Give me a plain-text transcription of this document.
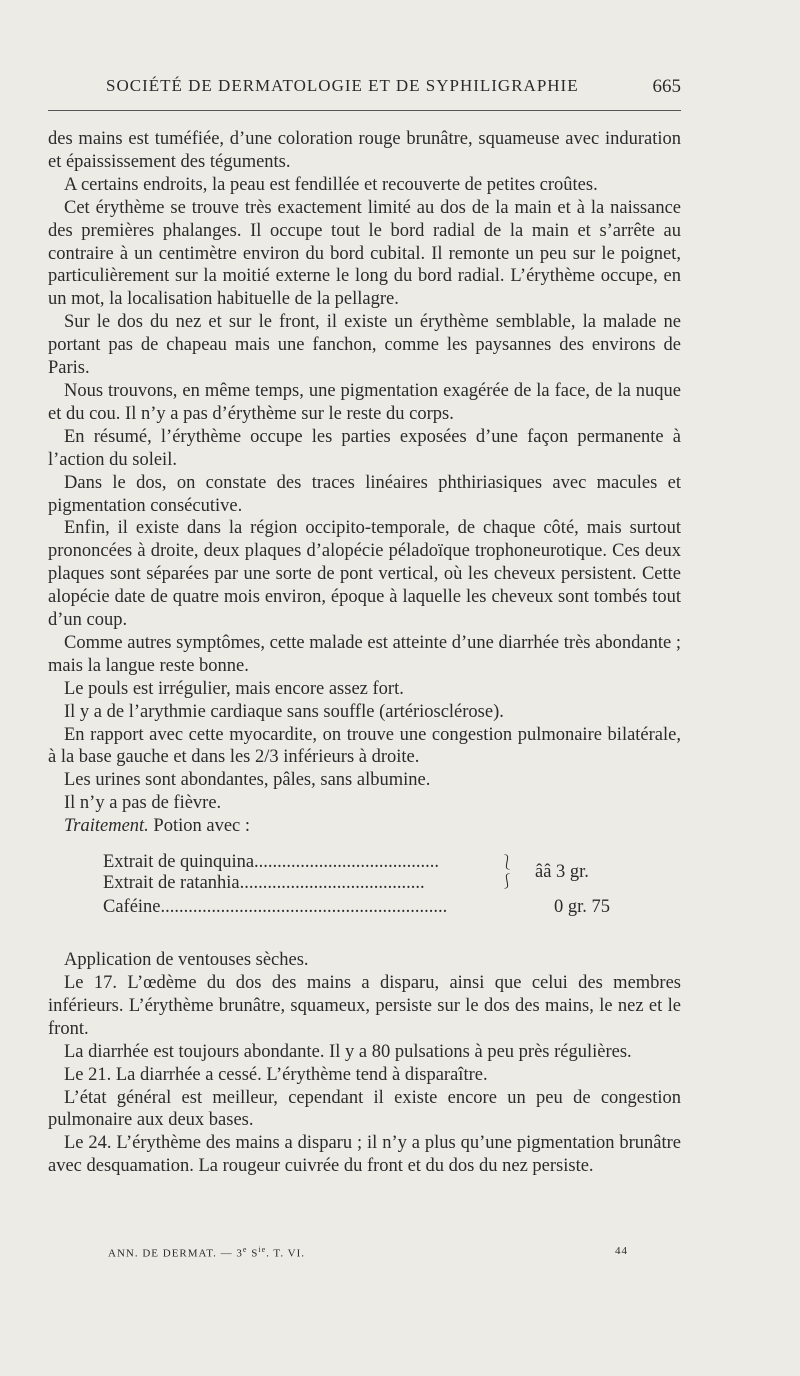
SOCIÉTÉ DE DERMATOLOGIE ET DE SYPHILIGRAPHIE	665

des mains est tuméfiée, d’une coloration rouge brunâtre, squameuse avec induration et épaississement des téguments.

A certains endroits, la peau est fendillée et recouverte de petites croûtes.

Cet érythème se trouve très exactement limité au dos de la main et à la naissance des premières phalanges. Il occupe tout le bord radial de la main et s’arrête au contraire à un centimètre environ du bord cubital. Il remonte un peu sur le poignet, particulièrement sur la moitié externe le long du bord radial. L’érythème occupe, en un mot, la localisation habituelle de la pellagre.

Sur le dos du nez et sur le front, il existe un érythème semblable, la malade ne portant pas de chapeau mais une fanchon, comme les paysannes des environs de Paris.

Nous trouvons, en même temps, une pigmentation exagérée de la face, de la nuque et du cou. Il n’y a pas d’érythème sur le reste du corps.

En résumé, l’érythème occupe les parties exposées d’une façon permanente à l’action du soleil.

Dans le dos, on constate des traces linéaires phthiriasiques avec macules et pigmentation consécutive.

Enfin, il existe dans la région occipito-temporale, de chaque côté, mais surtout prononcées à droite, deux plaques d’alopécie péladoïque trophoneurotique. Ces deux plaques sont séparées par une sorte de pont vertical, où les cheveux persistent. Cette alopécie date de quatre mois environ, époque à laquelle les cheveux sont tombés tout d’un coup.

Comme autres symptômes, cette malade est atteinte d’une diarrhée très abondante ; mais la langue reste bonne.

Le pouls est irrégulier, mais encore assez fort.

Il y a de l’arythmie cardiaque sans souffle (artériosclérose).

En rapport avec cette myocardite, on trouve une congestion pulmonaire bilatérale, à la base gauche et dans les 2/3 inférieurs à droite.

Les urines sont abondantes, pâles, sans albumine.

Il n’y a pas de fièvre.

Traitement. Potion avec :

Extrait de quinquina........................................
Extrait de ratanhia........................................
⎱
⎰
ââ 3 gr.
Caféine..............................................................	0 gr. 75

Application de ventouses sèches.

Le 17. L’œdème du dos des mains a disparu, ainsi que celui des membres inférieurs. L’érythème brunâtre, squameux, persiste sur le dos des mains, le nez et le front.

La diarrhée est toujours abondante. Il y a 80 pulsations à peu près régulières.

Le 21. La diarrhée a cessé. L’érythème tend à disparaître.

L’état général est meilleur, cependant il existe encore un peu de congestion pulmonaire aux deux bases.

Le 24. L’érythème des mains a disparu ; il n’y a plus qu’une pigmentation brunâtre avec desquamation. La rougeur cuivrée du front et du dos du nez persiste.

ANN. DE DERMAT. — 3e $S^{ie}$. T. VI.	44
